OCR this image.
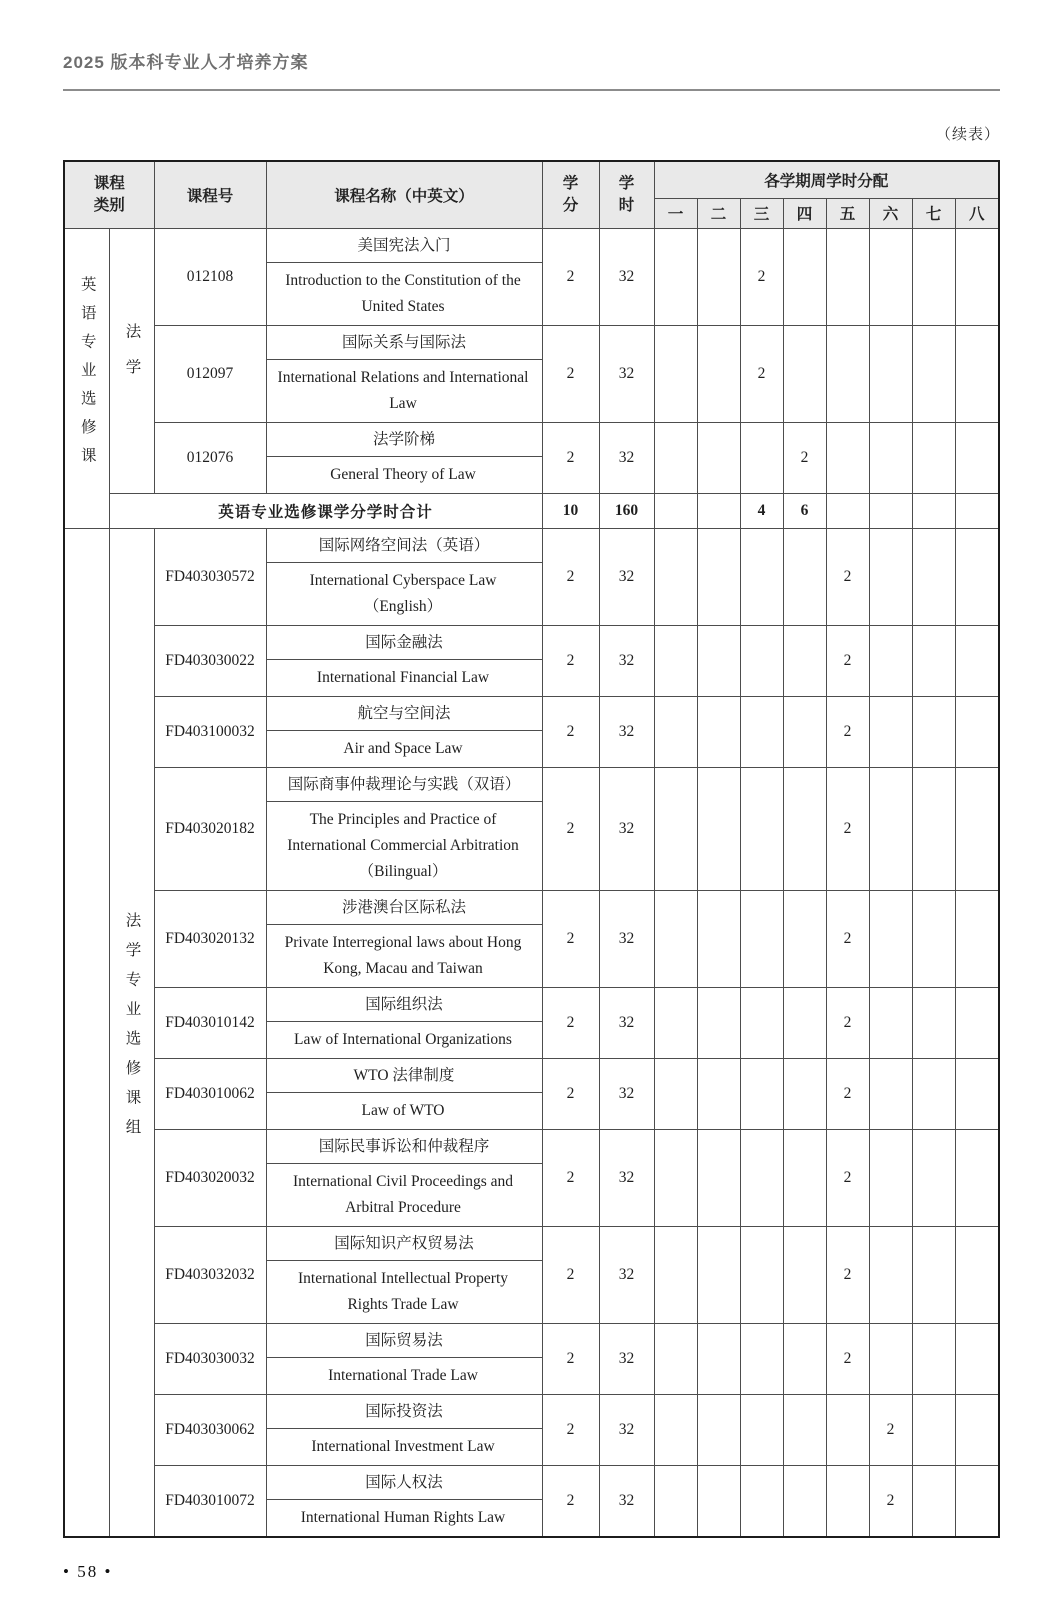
2025 版本科专业人才培养方案
（续表）
课程类别		课程号	课程名称（中英文）	学分	学时	各学期周学时分配							
						一	二	三	四	五	六	七	八
英语专业选修课	法学	012108	美国宪法入门
Introduction to the Constitution of the United States	2	32			2					
		012097	国际关系与国际法
International Relations and International Law	2	32			2					
		012076	法学阶梯
General Theory of Law	2	32				2				
	英语专业选修课学分学时合计			10	160			4	6				
	法学专业选修课组	FD403030572	国际网络空间法（英语）
International Cyberspace Law （English）	2	32					2			
		FD403030022	国际金融法
International Financial Law	2	32					2			
		FD403100032	航空与空间法
Air and Space Law	2	32					2			
		FD403020182	国际商事仲裁理论与实践（双语）
The Principles and Practice of International Commercial Arbitration （Bilingual）	2	32					2			
		FD403020132	涉港澳台区际私法
Private Interregional laws about Hong Kong, Macau and Taiwan	2	32					2			
		FD403010142	国际组织法
Law of International Organizations	2	32					2			
		FD403010062	WTO 法律制度
Law of WTO	2	32					2			
		FD403020032	国际民事诉讼和仲裁程序
International Civil Proceedings and Arbitral Procedure	2	32					2			
		FD403032032	国际知识产权贸易法
International Intellectual Property Rights Trade Law	2	32					2			
		FD403030032	国际贸易法
International Trade Law	2	32					2			
		FD403030062	国际投资法
International Investment Law	2	32						2		
		FD403010072	国际人权法
International Human Rights Law	2	32						2		
• 58 •
